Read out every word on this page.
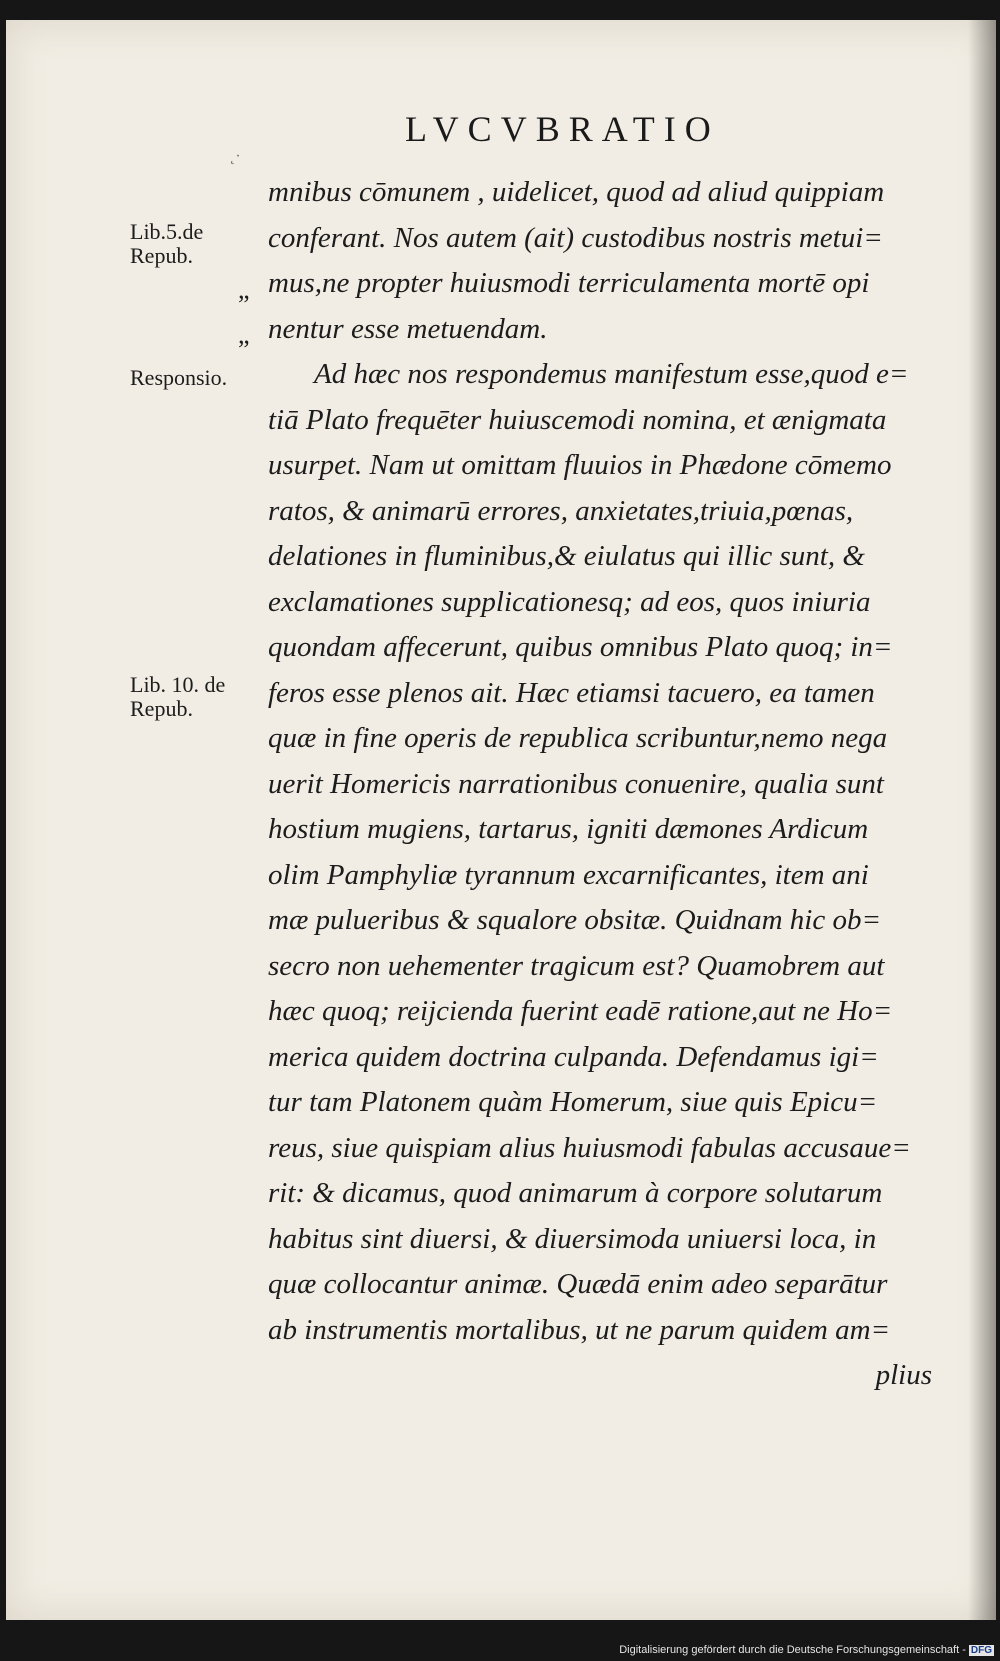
LVCVBRATIO
˛·
Lib.5.de
Repub.
”
”
Responsio.
Lib. 10. de
Repub.
mnibus cōmunem , uidelicet, quod ad aliud quippiam
conferant. Nos autem (ait) custodibus nostris metui=
mus,ne propter huiusmodi terriculamenta mortē opi
nentur esse metuendam.
Ad hæc nos respondemus manifestum esse,quod e=
tiā Plato frequēter huiuscemodi nomina, et ænigmata
usurpet. Nam ut omittam fluuios in Phædone cōmemo
ratos, & animarū errores, anxietates,triuia,pœnas,
delationes in fluminibus,& eiulatus qui illic sunt, &
exclamationes supplicationesq; ad eos, quos iniuria
quondam affecerunt, quibus omnibus Plato quoq; in=
feros esse plenos ait. Hæc etiamsi tacuero, ea tamen
quæ in fine operis de republica scribuntur,nemo nega
uerit Homericis narrationibus conuenire, qualia sunt
hostium mugiens, tartarus, igniti dæmones Ardicum
olim Pamphyliæ tyrannum excarnificantes, item ani
mæ pulueribus & squalore obsitæ. Quidnam hic ob=
secro non uehementer tragicum est? Quamobrem aut
hæc quoq; reijcienda fuerint eadē ratione,aut ne Ho=
merica quidem doctrina culpanda. Defendamus igi=
tur tam Platonem quàm Homerum, siue quis Epicu=
reus, siue quispiam alius huiusmodi fabulas accusaue=
rit: & dicamus, quod animarum à corpore solutarum
habitus sint diuersi, & diuersimoda uniuersi loca, in
quæ collocantur animæ. Quædā enim adeo separātur
ab instrumentis mortalibus, ut ne parum quidem am=
plius
Digitalisierung gefördert durch die Deutsche Forschungsgemeinschaft - DFG
